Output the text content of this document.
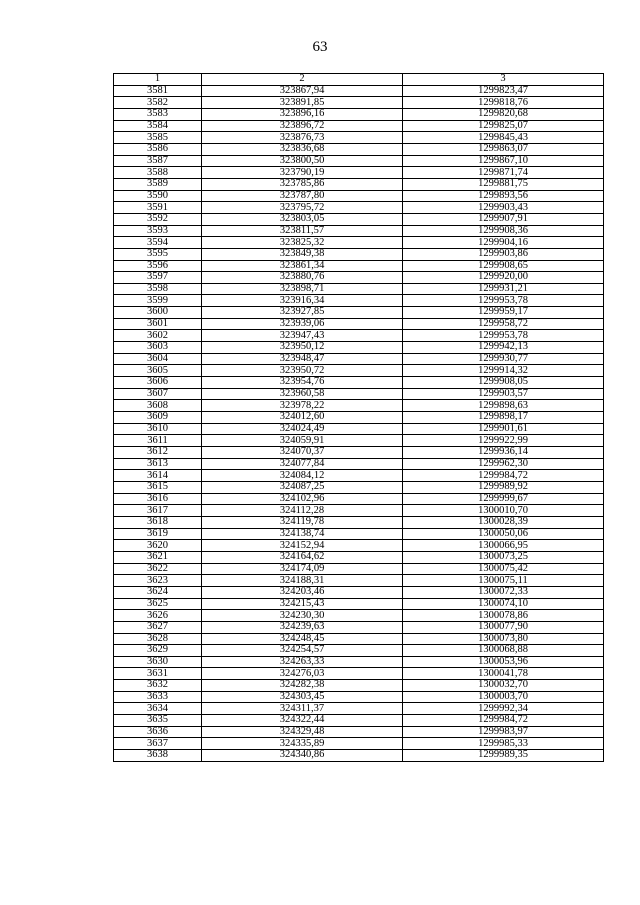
63
1	2	3
3581	323867,94	1299823,47
3582	323891,85	1299818,76
3583	323896,16	1299820,68
3584	323896,72	1299825,07
3585	323876,73	1299845,43
3586	323836,68	1299863,07
3587	323800,50	1299867,10
3588	323790,19	1299871,74
3589	323785,86	1299881,75
3590	323787,80	1299893,56
3591	323795,72	1299903,43
3592	323803,05	1299907,91
3593	323811,57	1299908,36
3594	323825,32	1299904,16
3595	323849,38	1299903,86
3596	323861,34	1299908,65
3597	323880,76	1299920,00
3598	323898,71	1299931,21
3599	323916,34	1299953,78
3600	323927,85	1299959,17
3601	323939,06	1299958,72
3602	323947,43	1299953,78
3603	323950,12	1299942,13
3604	323948,47	1299930,77
3605	323950,72	1299914,32
3606	323954,76	1299908,05
3607	323960,58	1299903,57
3608	323978,22	1299898,63
3609	324012,60	1299898,17
3610	324024,49	1299901,61
3611	324059,91	1299922,99
3612	324070,37	1299936,14
3613	324077,84	1299962,30
3614	324084,12	1299984,72
3615	324087,25	1299989,92
3616	324102,96	1299999,67
3617	324112,28	1300010,70
3618	324119,78	1300028,39
3619	324138,74	1300050,06
3620	324152,94	1300066,95
3621	324164,62	1300073,25
3622	324174,09	1300075,42
3623	324188,31	1300075,11
3624	324203,46	1300072,33
3625	324215,43	1300074,10
3626	324230,30	1300078,86
3627	324239,63	1300077,90
3628	324248,45	1300073,80
3629	324254,57	1300068,88
3630	324263,33	1300053,96
3631	324276,03	1300041,78
3632	324282,38	1300032,70
3633	324303,45	1300003,70
3634	324311,37	1299992,34
3635	324322,44	1299984,72
3636	324329,48	1299983,97
3637	324335,89	1299985,33
3638	324340,86	1299989,35
